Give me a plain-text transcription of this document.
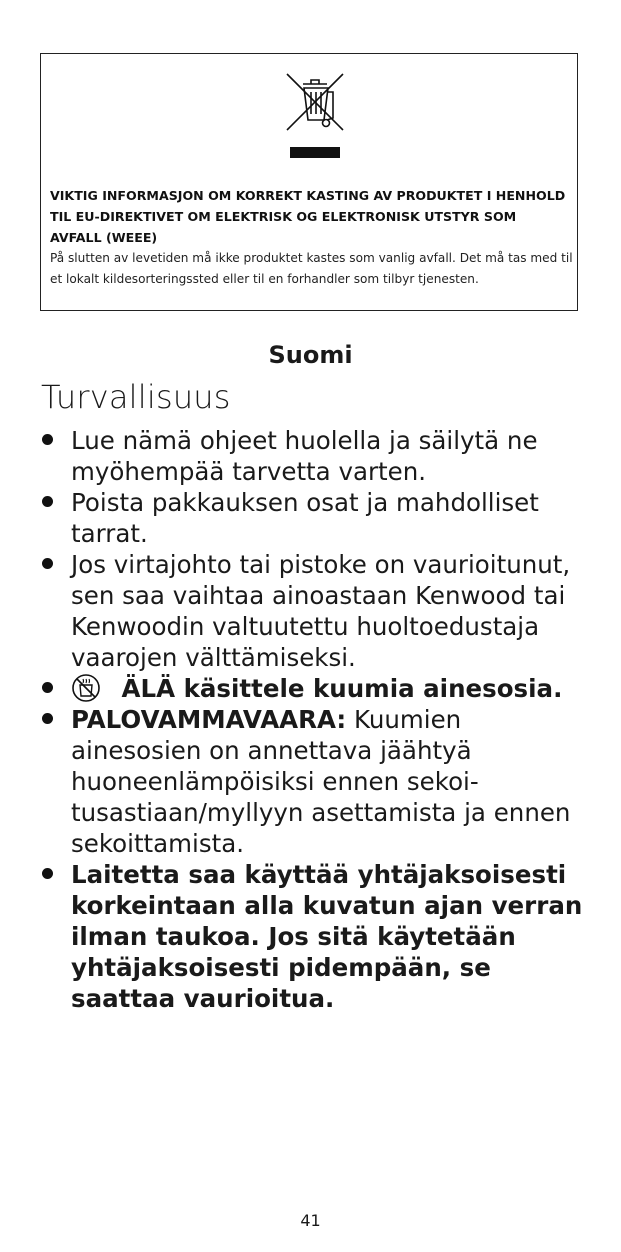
VIKTIG INFORMASJON OM KORREKT KASTING AV PRODUKTET I HENHOLD TIL EU-DIREKTIVET OM ELEKTRISK OG ELEKTRONISK UTSTYR SOM AVFALL (WEEE)
På slutten av levetiden må ikke produktet kastes som vanlig avfall. Det må tas med til et lokalt kildesorteringssted eller til en forhandler som tilbyr tjenesten.
Suomi
Turvallisuus
Lue nämä ohjeet huolella ja säilytä ne myöhempää tarvetta varten.
Poista pakkauksen osat ja mahdolliset tarrat.
Jos virtajohto tai pistoke on vaurioitunut, sen saa vaihtaa ainoastaan Kenwood tai Kenwoodin valtuutettu huoltoedustaja vaarojen välttämiseksi.
ÄLÄ käsittele kuumia ainesosia.
PALOVAMMAVAARA: Kuumien ainesosien on annettava jäähtyä huoneenlämpöisiksi ennen sekoi-tusastiaan/myllyyn asettamista ja ennen sekoittamista.
Laitetta saa käyttää yhtäjaksoisesti korkeintaan alla kuvatun ajan verran ilman taukoa. Jos sitä käytetään yhtäjaksoisesti pidempään, se saattaa vaurioitua.
41
